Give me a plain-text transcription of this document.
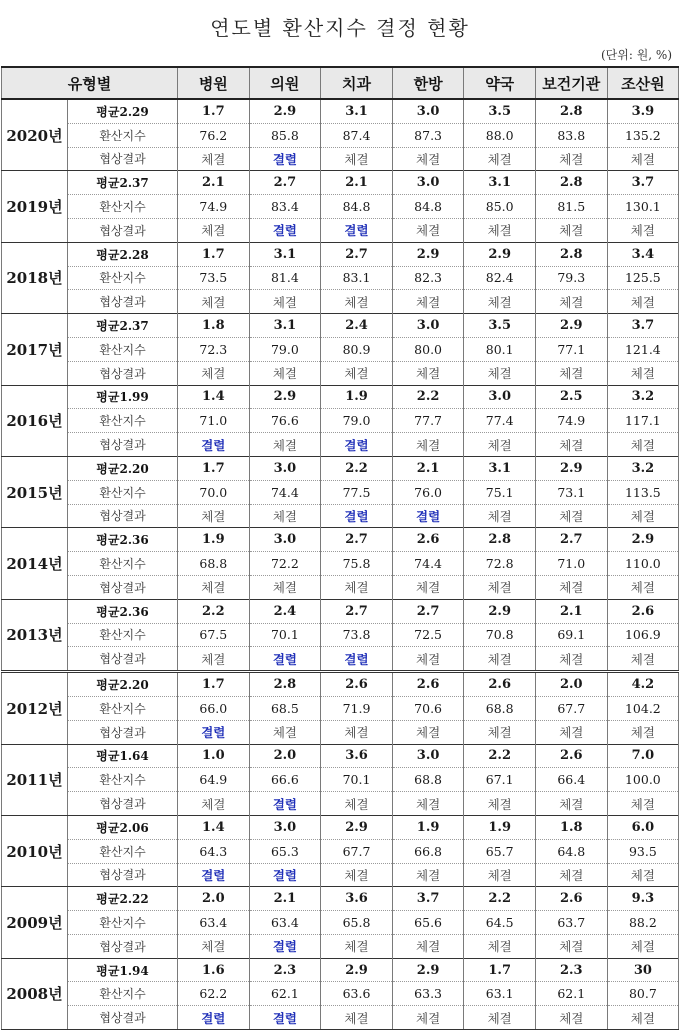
연도별 환산지수 결정 현황
(단위: 원, %)
유형별		병원	의원	치과	한방	약국	보건기관	조산원
2020년	평균2.29	1.7	2.9	3.1	3.0	3.5	2.8	3.9
	환산지수	76.2	85.8	87.4	87.3	88.0	83.8	135.2
	협상결과	체결	결렬	체결	체결	체결	체결	체결
2019년	평균2.37	2.1	2.7	2.1	3.0	3.1	2.8	3.7
	환산지수	74.9	83.4	84.8	84.8	85.0	81.5	130.1
	협상결과	체결	결렬	결렬	체결	체결	체결	체결
2018년	평균2.28	1.7	3.1	2.7	2.9	2.9	2.8	3.4
	환산지수	73.5	81.4	83.1	82.3	82.4	79.3	125.5
	협상결과	체결	체결	체결	체결	체결	체결	체결
2017년	평균2.37	1.8	3.1	2.4	3.0	3.5	2.9	3.7
	환산지수	72.3	79.0	80.9	80.0	80.1	77.1	121.4
	협상결과	체결	체결	체결	체결	체결	체결	체결
2016년	평균1.99	1.4	2.9	1.9	2.2	3.0	2.5	3.2
	환산지수	71.0	76.6	79.0	77.7	77.4	74.9	117.1
	협상결과	결렬	체결	결렬	체결	체결	체결	체결
2015년	평균2.20	1.7	3.0	2.2	2.1	3.1	2.9	3.2
	환산지수	70.0	74.4	77.5	76.0	75.1	73.1	113.5
	협상결과	체결	체결	결렬	결렬	체결	체결	체결
2014년	평균2.36	1.9	3.0	2.7	2.6	2.8	2.7	2.9
	환산지수	68.8	72.2	75.8	74.4	72.8	71.0	110.0
	협상결과	체결	체결	체결	체결	체결	체결	체결
2013년	평균2.36	2.2	2.4	2.7	2.7	2.9	2.1	2.6
	환산지수	67.5	70.1	73.8	72.5	70.8	69.1	106.9
	협상결과	체결	결렬	결렬	체결	체결	체결	체결
2012년	평균2.20	1.7	2.8	2.6	2.6	2.6	2.0	4.2
	환산지수	66.0	68.5	71.9	70.6	68.8	67.7	104.2
	협상결과	결렬	체결	체결	체결	체결	체결	체결
2011년	평균1.64	1.0	2.0	3.6	3.0	2.2	2.6	7.0
	환산지수	64.9	66.6	70.1	68.8	67.1	66.4	100.0
	협상결과	체결	결렬	체결	체결	체결	체결	체결
2010년	평균2.06	1.4	3.0	2.9	1.9	1.9	1.8	6.0
	환산지수	64.3	65.3	67.7	66.8	65.7	64.8	93.5
	협상결과	결렬	결렬	체결	체결	체결	체결	체결
2009년	평균2.22	2.0	2.1	3.6	3.7	2.2	2.6	9.3
	환산지수	63.4	63.4	65.8	65.6	64.5	63.7	88.2
	협상결과	체결	결렬	체결	체결	체결	체결	체결
2008년	평균1.94	1.6	2.3	2.9	2.9	1.7	2.3	30
	환산지수	62.2	62.1	63.6	63.3	63.1	62.1	80.7
	협상결과	결렬	결렬	체결	체결	체결	체결	체결
